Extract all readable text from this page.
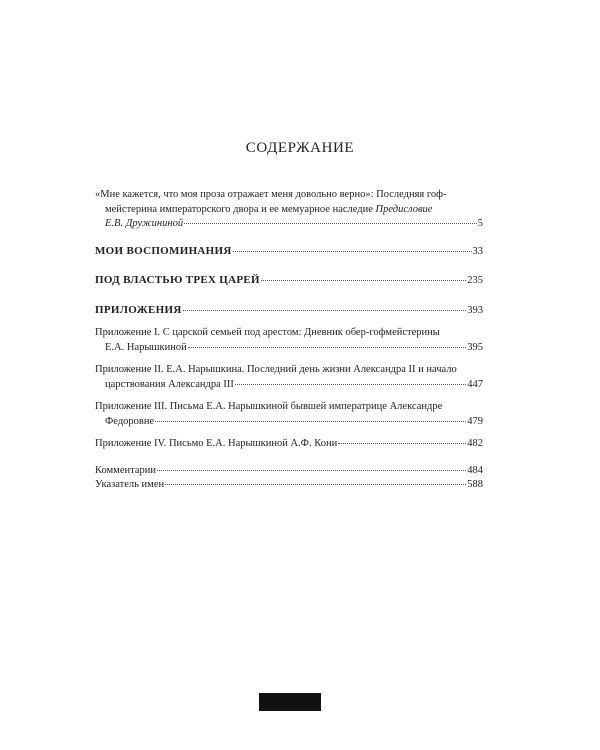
СОДЕРЖАНИЕ
«Мне кажется, что моя проза отражает меня довольно верно»: Последняя гоф-
мейстерина императорского двора и ее мемуарное наследие Предисловие
Е.В. Дружининой	5
МОИ ВОСПОМИНАНИЯ	33
ПОД ВЛАСТЬЮ ТРЕХ ЦАРЕЙ	235
ПРИЛОЖЕНИЯ	393
Приложение I. С царской семьей под арестом: Дневник обер-гофмейстерины
Е.А. Нарышкиной	395
Приложение II. Е.А. Нарышкина. Последний день жизни Александра II и начало
царствования Александра III	447
Приложение III. Письма Е.А. Нарышкиной бывшей императрице Александре
Федоровне	479
Приложение IV. Письмо Е.А. Нарышкиной А.Ф. Кони	482
Комментарии	484
Указатель имен	588
